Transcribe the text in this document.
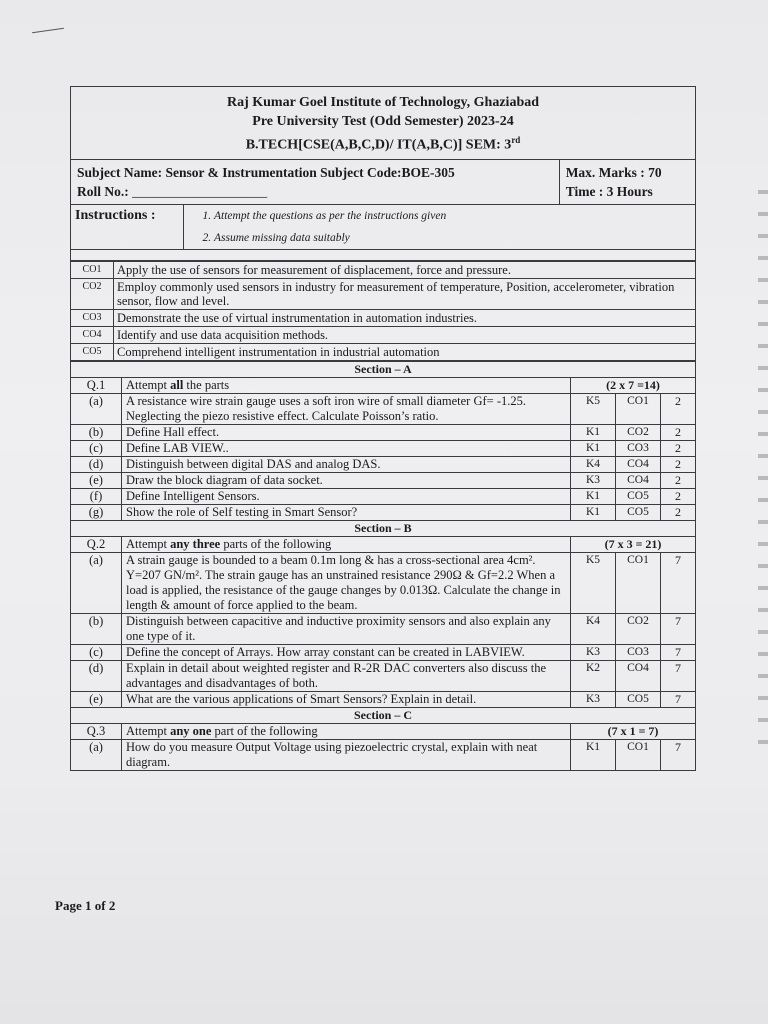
Raj Kumar Goel Institute of Technology, Ghaziabad
Pre University Test (Odd Semester) 2023-24
B.TECH[CSE(A,B,C,D)/ IT(A,B,C)] SEM: 3rd

Subject Name: Sensor & Instrumentation Subject Code:BOE-305
Roll No.: ____________________

Max. Marks : 70
Time : 3 Hours

Instructions :	
1.Attempt the questions as per the instructions given
2. Assume missing data suitably

CO1	Apply the use of sensors for measurement of displacement, force and pressure.
CO2	Employ commonly used sensors in industry for measurement of temperature, Position, accelerometer, vibration sensor, flow and level.
CO3	Demonstrate the use of virtual instrumentation in automation industries.
CO4	Identify and use data acquisition methods.
CO5	Comprehend intelligent instrumentation in industrial automation
Section – A				
Q.1	Attempt all the parts	(2 x 7 =14)		
(a)	A resistance wire strain gauge uses a soft iron wire of small diameter Gf= -1.25. Neglecting the piezo resistive effect. Calculate Poisson’s ratio.	K5	CO1	2
(b)	Define Hall effect.	K1	CO2	2
(c)	Define LAB VIEW..	K1	CO3	2
(d)	Distinguish between digital DAS and analog DAS.	K4	CO4	2
(e)	Draw the block diagram of data socket.	K3	CO4	2
(f)	Define Intelligent Sensors.	K1	CO5	2
(g)	Show the role of Self testing in Smart Sensor?	K1	CO5	2
Section – B				
Q.2	Attempt any three parts of the following	(7 x 3 = 21)		
(a)	A strain gauge is bounded to a beam 0.1m long & has a cross-sectional area 4cm². Y=207 GN/m². The strain gauge has an unstrained resistance 290Ω & Gf=2.2 When a load is applied, the resistance of the gauge changes by 0.013Ω. Calculate the change in length & amount of force applied to the beam.	K5	CO1	7
(b)	Distinguish between capacitive and inductive proximity sensors and also explain any one type of it.	K4	CO2	7
(c)	Define the concept of Arrays. How array constant can be created in LABVIEW.	K3	CO3	7
(d)	Explain in detail about weighted register and R-2R DAC converters also discuss the advantages and disadvantages of both.	K2	CO4	7
(e)	What are the various applications of Smart Sensors? Explain in detail.	K3	CO5	7
Section – C				
Q.3	Attempt any one part of the following	(7 x 1 = 7)		
(a)	How do you measure Output Voltage using piezoelectric crystal, explain with neat diagram.	K1	CO1	7
Page 1 of 2
